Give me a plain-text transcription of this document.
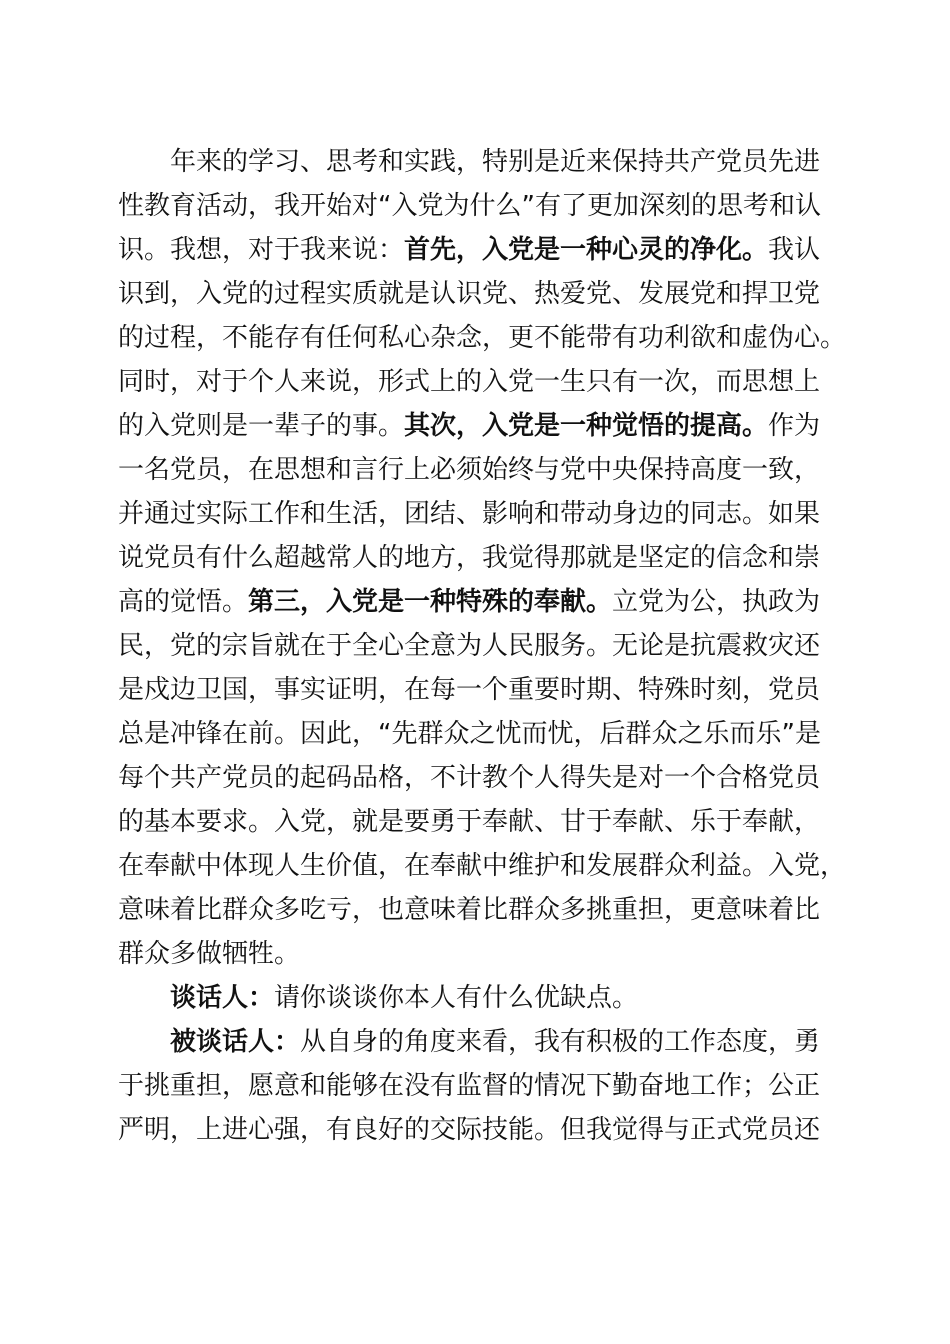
年来的学习、思考和实践，特别是近来保持共产党员先进
性教育活动，我开始对“入党为什么”有了更加深刻的思考和认
识。我想，对于我来说：首先，入党是一种心灵的净化。我认
识到，入党的过程实质就是认识党、热爱党、发展党和捍卫党
的过程，不能存有任何私心杂念，更不能带有功利欲和虚伪心。
同时，对于个人来说，形式上的入党一生只有一次，而思想上
的入党则是一辈子的事。其次，入党是一种觉悟的提高。作为
一名党员，在思想和言行上必须始终与党中央保持高度一致，
并通过实际工作和生活，团结、影响和带动身边的同志。如果
说党员有什么超越常人的地方，我觉得那就是坚定的信念和崇
高的觉悟。第三，入党是一种特殊的奉献。立党为公，执政为
民，党的宗旨就在于全心全意为人民服务。无论是抗震救灾还
是戍边卫国，事实证明，在每一个重要时期、特殊时刻，党员
总是冲锋在前。因此，“先群众之忧而忧，后群众之乐而乐”是
每个共产党员的起码品格，不计教个人得失是对一个合格党员
的基本要求。入党，就是要勇于奉献、甘于奉献、乐于奉献，
在奉献中体现人生价值，在奉献中维护和发展群众利益。入党，
意味着比群众多吃亏，也意味着比群众多挑重担，更意味着比
群众多做牺牲。
谈话人：请你谈谈你本人有什么优缺点。
被谈话人：从自身的角度来看，我有积极的工作态度，勇
于挑重担，愿意和能够在没有监督的情况下勤奋地工作；公正
严明，上进心强，有良好的交际技能。但我觉得与正式党员还
